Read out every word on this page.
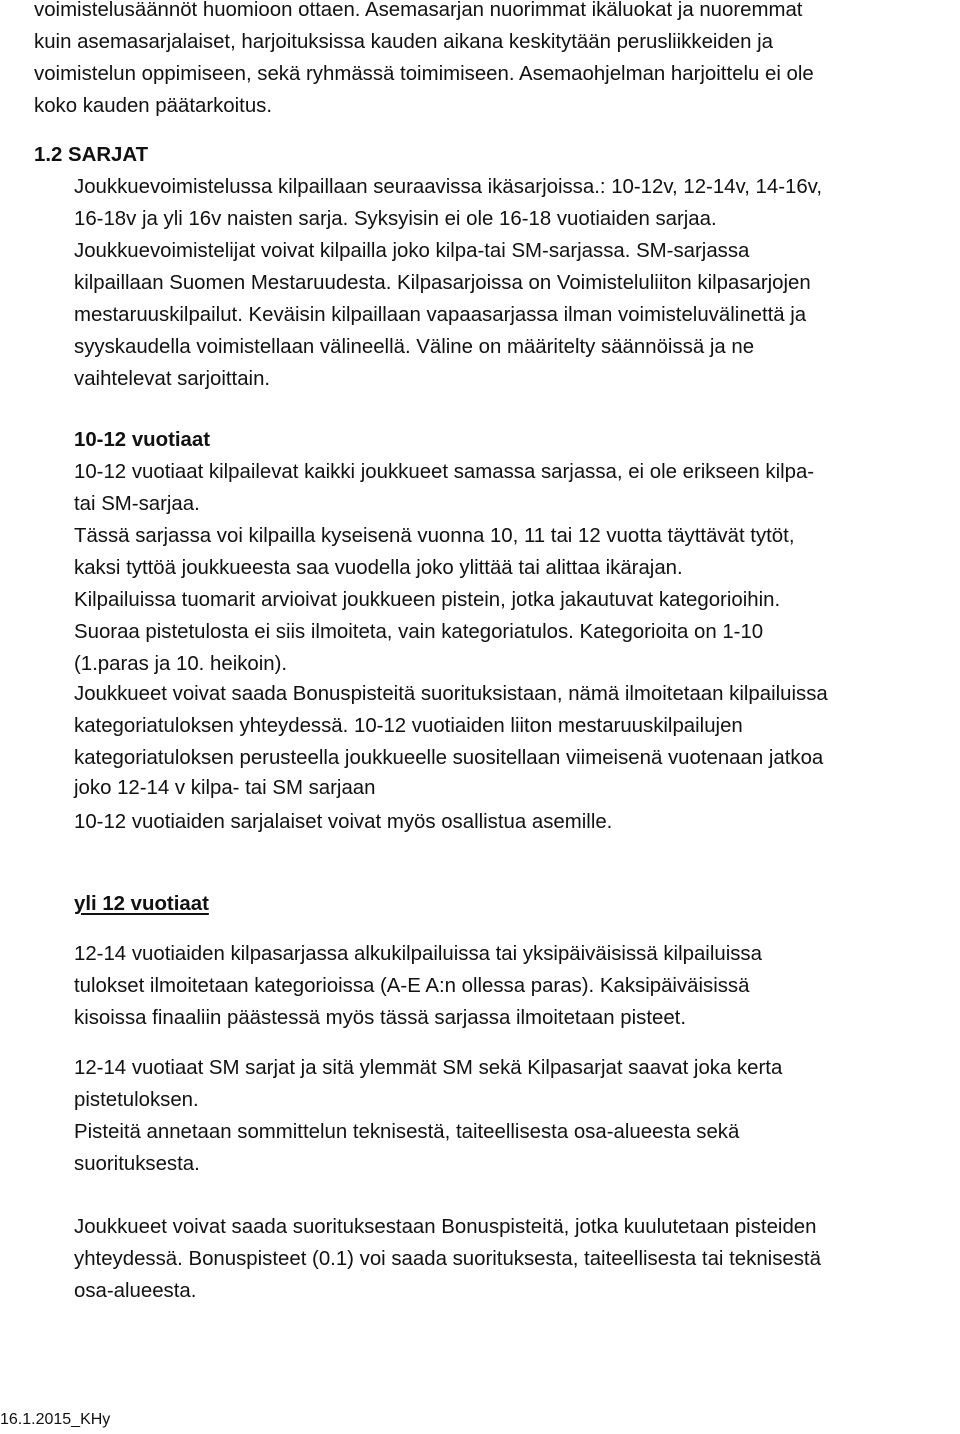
voimistelusäännöt huomioon ottaen. Asemasarjan nuorimmat ikäluokat ja nuoremmat

kuin asemasarjalaiset, harjoituksissa kauden aikana keskitytään perusliikkeiden ja

voimistelun oppimiseen, sekä ryhmässä toimimiseen. Asemaohjelman harjoittelu ei ole

koko kauden päätarkoitus.

1.2 SARJAT

Joukkuevoimistelussa kilpaillaan seuraavissa ikäsarjoissa.: 10-12v, 12-14v, 14-16v,

16-18v ja yli 16v naisten sarja. Syksyisin ei ole 16-18 vuotiaiden sarjaa.

Joukkuevoimistelijat voivat kilpailla joko kilpa-tai SM-sarjassa. SM-sarjassa

kilpaillaan Suomen Mestaruudesta. Kilpasarjoissa on Voimisteluliiton kilpasarjojen

mestaruuskilpailut. Keväisin kilpaillaan vapaasarjassa ilman voimisteluvälinettä ja

syyskaudella voimistellaan välineellä. Väline on määritelty säännöissä ja ne

vaihtelevat sarjoittain.

10-12 vuotiaat

10-12 vuotiaat kilpailevat kaikki joukkueet samassa sarjassa, ei ole erikseen kilpa-

tai SM-sarjaa.

Tässä sarjassa voi kilpailla kyseisenä vuonna 10, 11 tai 12 vuotta täyttävät tytöt,

kaksi tyttöä joukkueesta saa vuodella joko ylittää tai alittaa ikärajan.

Kilpailuissa tuomarit arvioivat joukkueen pistein, jotka jakautuvat kategorioihin.

Suoraa pistetulosta ei siis ilmoiteta, vain kategoriatulos. Kategorioita on 1-10

(1.paras ja 10. heikoin).

Joukkueet voivat saada Bonuspisteitä suorituksistaan, nämä ilmoitetaan kilpailuissa

kategoriatuloksen yhteydessä. 10-12 vuotiaiden liiton mestaruuskilpailujen

kategoriatuloksen perusteella joukkueelle suositellaan viimeisenä vuotenaan jatkoa

joko 12-14 v kilpa- tai SM sarjaan

10-12 vuotiaiden sarjalaiset voivat myös osallistua asemille.

yli 12 vuotiaat

12-14 vuotiaiden kilpasarjassa alkukilpailuissa tai yksipäiväisissä kilpailuissa

tulokset ilmoitetaan kategorioissa (A-E A:n ollessa paras). Kaksipäiväisissä

kisoissa finaaliin päästessä myös tässä sarjassa ilmoitetaan pisteet.

12-14 vuotiaat SM sarjat ja sitä ylemmät SM sekä Kilpasarjat saavat joka kerta

pistetuloksen.

Pisteitä annetaan sommittelun teknisestä, taiteellisesta osa-alueesta sekä

suorituksesta.

Joukkueet voivat saada suorituksestaan Bonuspisteitä, jotka kuulutetaan pisteiden

yhteydessä. Bonuspisteet (0.1) voi saada suorituksesta, taiteellisesta tai teknisestä

osa-alueesta.

16.1.2015_KHy
